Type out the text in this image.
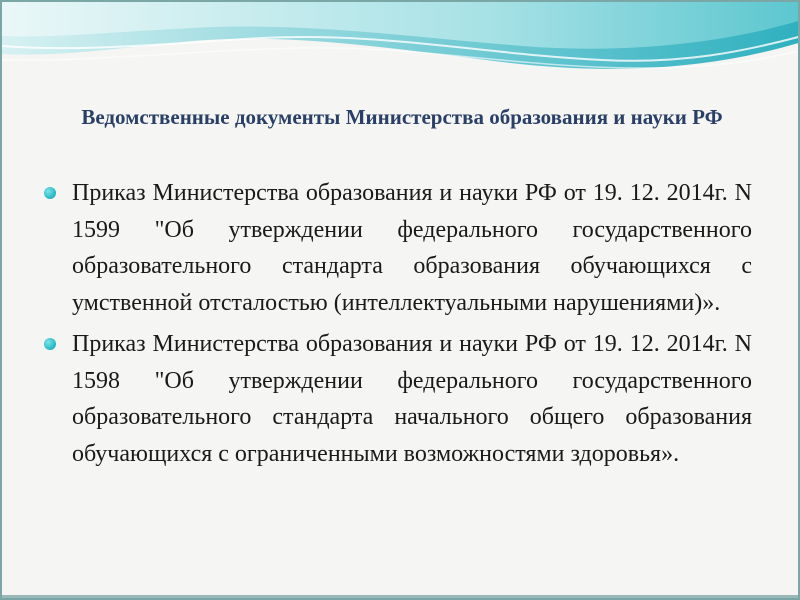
Ведомственные документы Министерства образования и науки РФ
Приказ Министерства образования и науки РФ от 19. 12. 2014г. N 1599 "Об утверждении федерального государственного образовательного стандарта образования обучающихся с умственной отсталостью (интеллектуальными нарушениями)».
Приказ Министерства образования и науки РФ от 19. 12. 2014г. N 1598 "Об утверждении федерального государственного образовательного стандарта начального общего образования обучающихся с ограниченными возможностями здоровья».
